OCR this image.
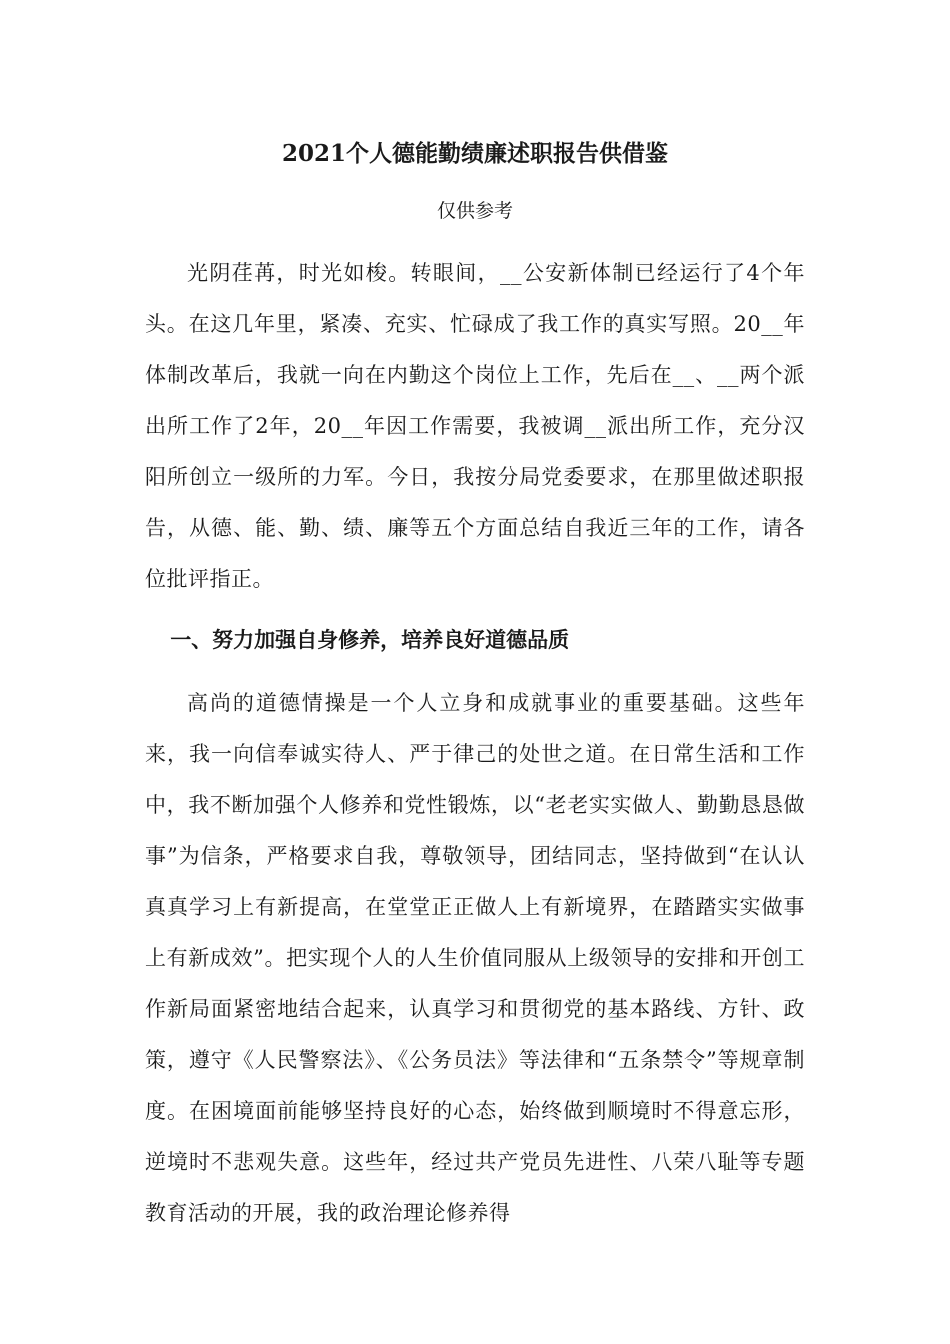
2021个人德能勤绩廉述职报告供借鉴
仅供参考

光阴荏苒，时光如梭。转眼间，__公安新体制已经运行了4个年头。在这几年里，紧凑、充实、忙碌成了我工作的真实写照。20__年体制改革后，我就一向在内勤这个岗位上工作，先后在__、__两个派出所工作了2年，20__年因工作需要，我被调__派出所工作，充分汉阳所创立一级所的力军。今日，我按分局党委要求，在那里做述职报告，从德、能、勤、绩、廉等五个方面总结自我近三年的工作，请各位批评指正。

一、努力加强自身修养，培养良好道德品质

高尚的道德情操是一个人立身和成就事业的重要基础。这些年来，我一向信奉诚实待人、严于律己的处世之道。在日常生活和工作中，我不断加强个人修养和党性锻炼，以“老老实实做人、勤勤恳恳做事”为信条，严格要求自我，尊敬领导，团结同志，坚持做到“在认认真真学习上有新提高，在堂堂正正做人上有新境界，在踏踏实实做事上有新成效”。把实现个人的人生价值同服从上级领导的安排和开创工作新局面紧密地结合起来，认真学习和贯彻党的基本路线、方针、政策，遵守《人民警察法》、《公务员法》等法律和“五条禁令”等规章制度。在困境面前能够坚持良好的心态，始终做到顺境时不得意忘形，逆境时不悲观失意。这些年，经过共产党员先进性、八荣八耻等专题教育活动的开展，我的政治理论修养得
